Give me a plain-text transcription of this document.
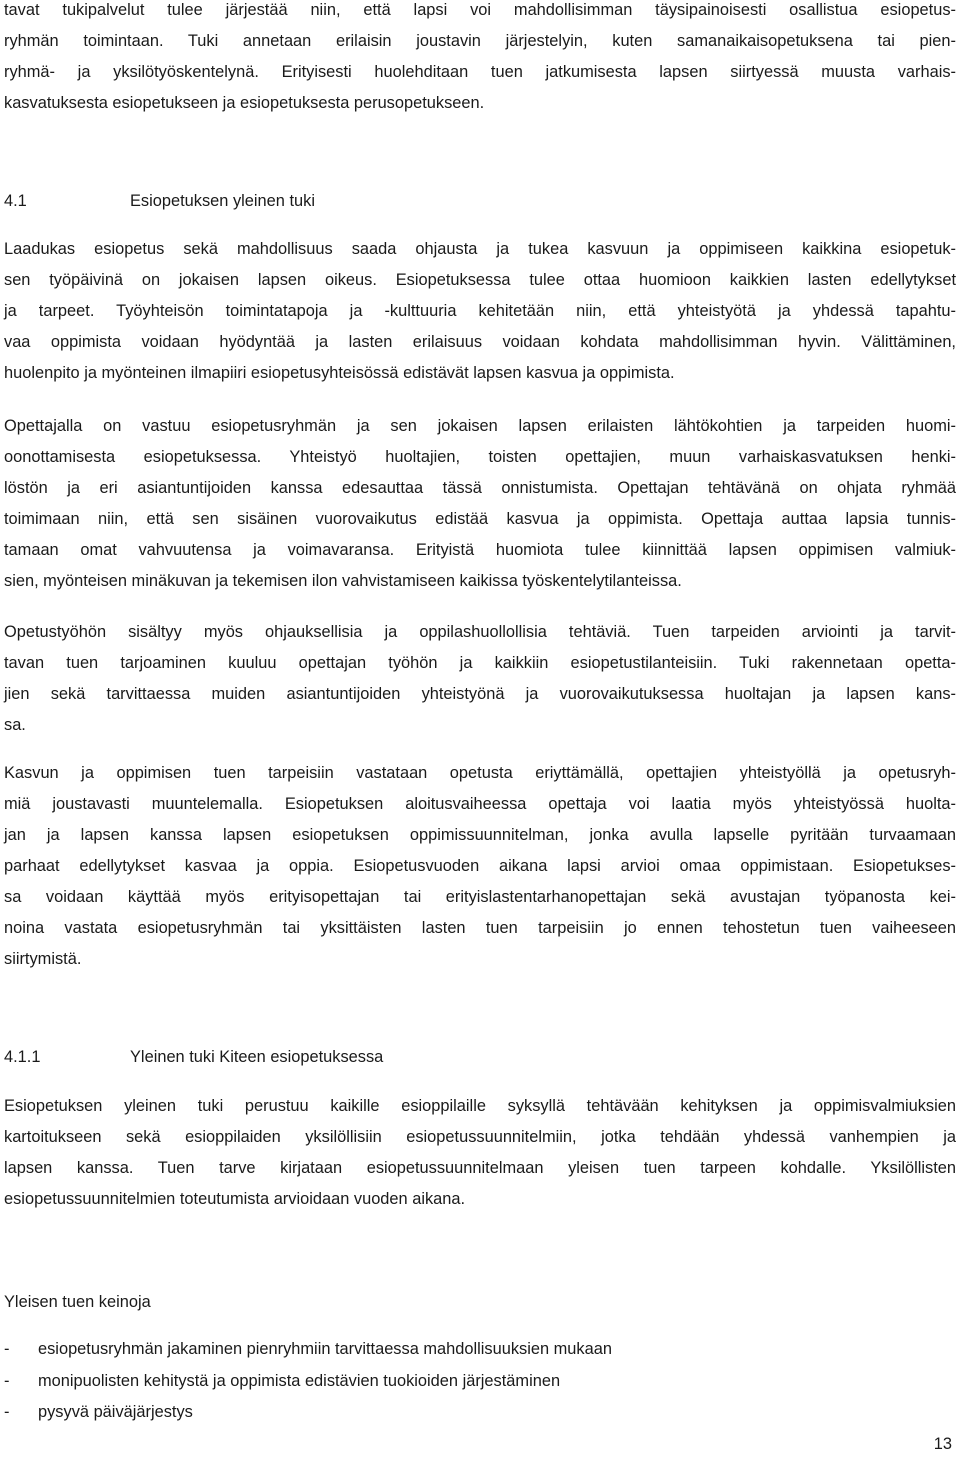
tavat tukipalvelut tulee järjestää niin, että lapsi voi mahdollisimman täysipainoisesti osallistua esiopetus-
ryhmän toimintaan. Tuki annetaan erilaisin joustavin järjestelyin, kuten samanaikaisopetuksena tai pien-
ryhmä- ja yksilötyöskentelynä. Erityisesti huolehditaan tuen jatkumisesta lapsen siirtyessä muusta varhais-
kasvatuksesta esiopetukseen ja esiopetuksesta perusopetukseen.
4.1	Esiopetuksen yleinen tuki
Laadukas esiopetus sekä mahdollisuus saada ohjausta ja tukea kasvuun ja oppimiseen kaikkina esiopetuk-
sen työpäivinä on jokaisen lapsen oikeus. Esiopetuksessa tulee ottaa huomioon kaikkien lasten edellytykset
ja tarpeet. Työyhteisön toimintatapoja ja -kulttuuria kehitetään niin, että yhteistyötä ja yhdessä tapahtu-
vaa oppimista voidaan hyödyntää ja lasten erilaisuus voidaan kohdata mahdollisimman hyvin. Välittäminen,
huolenpito ja myönteinen ilmapiiri esiopetusyhteisössä edistävät lapsen kasvua ja oppimista.
Opettajalla on vastuu esiopetusryhmän ja sen jokaisen lapsen erilaisten lähtökohtien ja tarpeiden huomi-
oonottamisesta esiopetuksessa. Yhteistyö huoltajien, toisten opettajien, muun varhaiskasvatuksen henki-
löstön ja eri asiantuntijoiden kanssa edesauttaa tässä onnistumista. Opettajan tehtävänä on ohjata ryhmää
toimimaan niin, että sen sisäinen vuorovaikutus edistää kasvua ja oppimista. Opettaja auttaa lapsia tunnis-
tamaan omat vahvuutensa ja voimavaransa. Erityistä huomiota tulee kiinnittää lapsen oppimisen valmiuk-
sien, myönteisen minäkuvan ja tekemisen ilon vahvistamiseen kaikissa työskentelytilanteissa.
Opetustyöhön sisältyy myös ohjauksellisia ja oppilashuollollisia tehtäviä. Tuen tarpeiden arviointi ja tarvit-
tavan tuen tarjoaminen kuuluu opettajan työhön ja kaikkiin esiopetustilanteisiin. Tuki rakennetaan opetta-
jien sekä tarvittaessa muiden asiantuntijoiden yhteistyönä ja vuorovaikutuksessa huoltajan ja lapsen kans-
sa.
Kasvun ja oppimisen tuen tarpeisiin vastataan opetusta eriyttämällä, opettajien yhteistyöllä ja opetusryh-
miä joustavasti muuntelemalla. Esiopetuksen aloitusvaiheessa opettaja voi laatia myös yhteistyössä huolta-
jan ja lapsen kanssa lapsen esiopetuksen oppimissuunnitelman, jonka avulla lapselle pyritään turvaamaan
parhaat edellytykset kasvaa ja oppia. Esiopetusvuoden aikana lapsi arvioi omaa oppimistaan. Esiopetukses-
sa voidaan käyttää myös erityisopettajan tai erityislastentarhanopettajan sekä avustajan työpanosta kei-
noina vastata esiopetusryhmän tai yksittäisten lasten tuen tarpeisiin jo ennen tehostetun tuen vaiheeseen
siirtymistä.
4.1.1	Yleinen tuki Kiteen esiopetuksessa
Esiopetuksen yleinen tuki perustuu kaikille esioppilaille syksyllä tehtävään kehityksen ja oppimisvalmiuksien
kartoitukseen sekä esioppilaiden yksilöllisiin esiopetussuunnitelmiin, jotka tehdään yhdessä vanhempien ja
lapsen kanssa. Tuen tarve kirjataan esiopetussuunnitelmaan yleisen tuen tarpeen kohdalle. Yksilöllisten
esiopetussuunnitelmien toteutumista arvioidaan vuoden aikana.
Yleisen tuen keinoja
- esiopetusryhmän jakaminen pienryhmiin tarvittaessa mahdollisuuksien mukaan
- monipuolisten kehitystä ja oppimista edistävien tuokioiden järjestäminen
- pysyvä päiväjärjestys
13
